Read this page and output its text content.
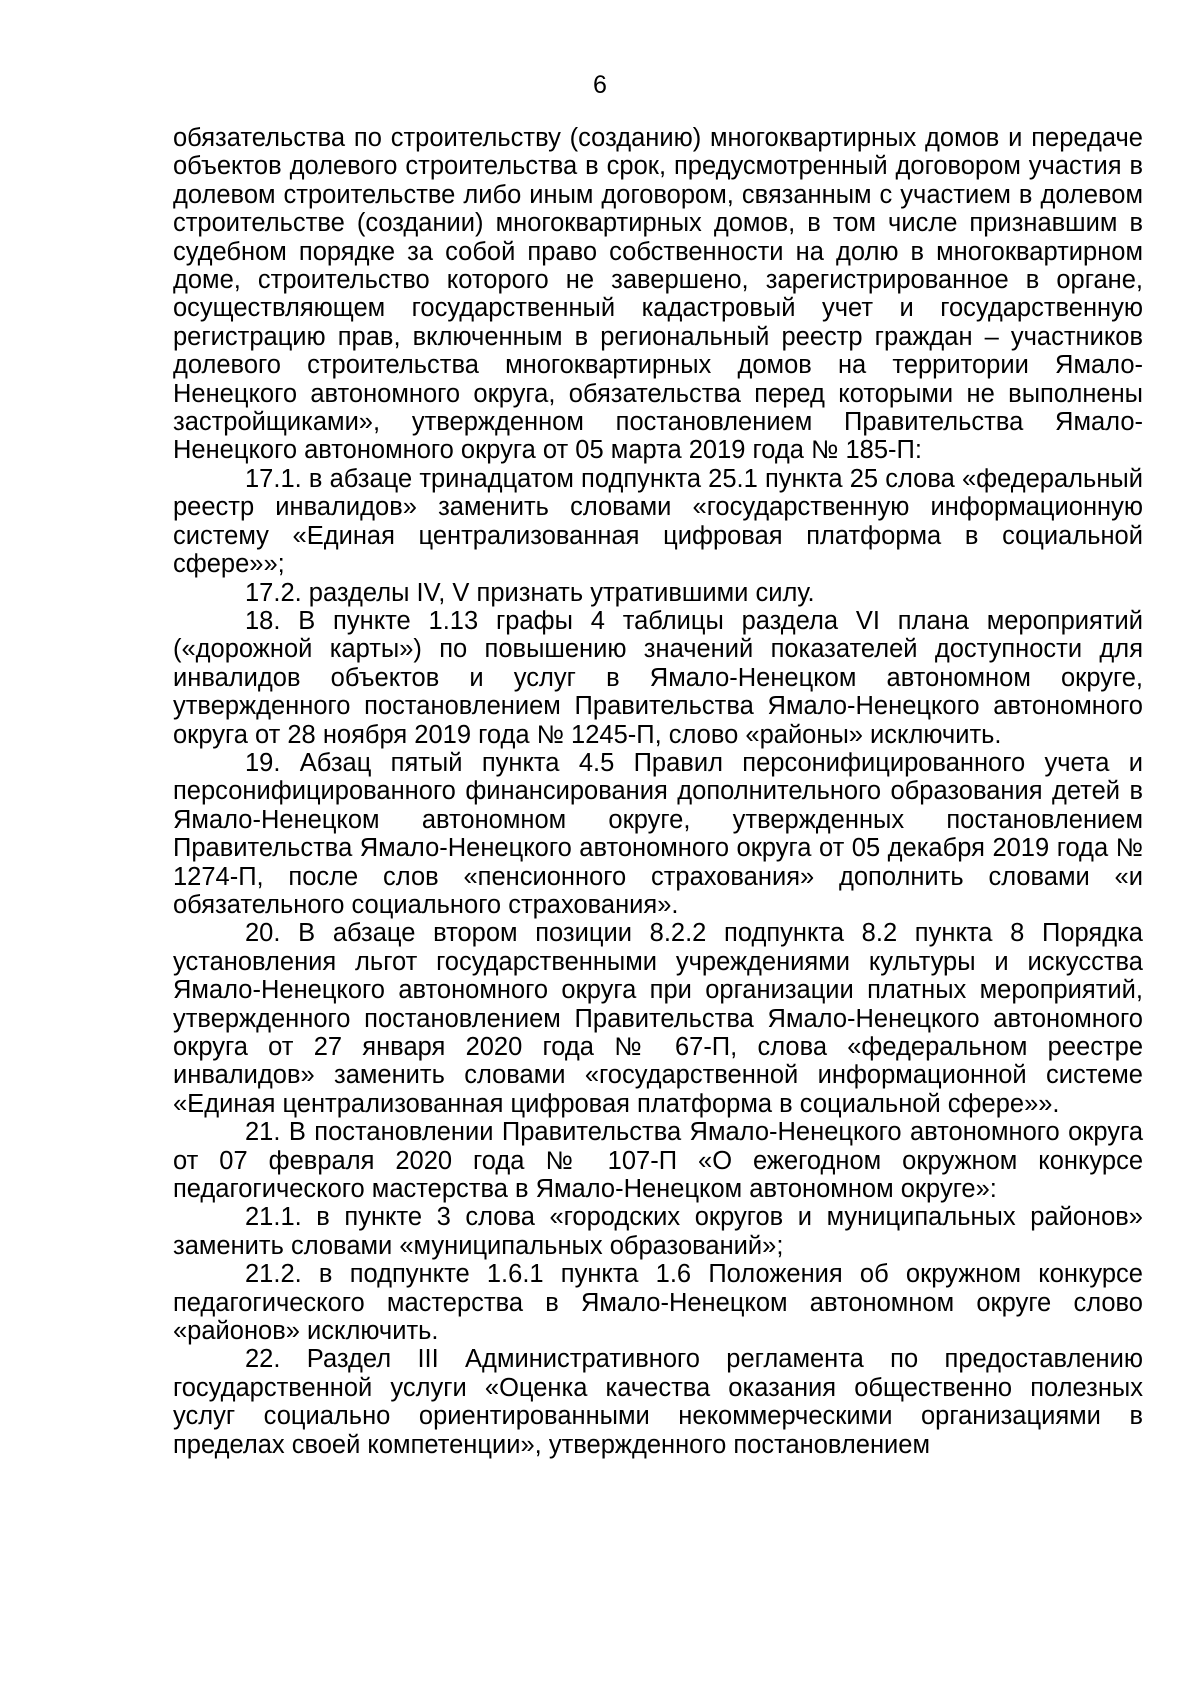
6

обязательства по строительству (созданию) многоквартирных домов и передаче объектов долевого строительства в срок, предусмотренный договором участия в долевом строительстве либо иным договором, связанным с участием в долевом строительстве (создании) многоквартирных домов, в том числе признавшим в судебном порядке за собой право собственности на долю в многоквартирном доме, строительство которого не завершено, зарегистрированное в органе, осуществляющем государственный кадастровый учет и государственную регистрацию прав, включенным в региональный реестр граждан – участников долевого строительства многоквартирных домов на территории Ямало-Ненецкого автономного округа, обязательства перед которыми не выполнены застройщиками», утвержденном постановлением Правительства Ямало-Ненецкого автономного округа от 05 марта 2019 года № 185-П:

17.1. в абзаце тринадцатом подпункта 25.1 пункта 25 слова «федеральный реестр инвалидов» заменить словами «государственную информационную систему «Единая централизованная цифровая платформа в социальной сфере»»;

17.2. разделы IV, V признать утратившими силу.

18. В пункте 1.13 графы 4 таблицы раздела VI плана мероприятий («дорожной карты») по повышению значений показателей доступности для инвалидов объектов и услуг в Ямало-Ненецком автономном округе, утвержденного постановлением Правительства Ямало-Ненецкого автономного округа от 28 ноября 2019 года № 1245-П, слово «районы» исключить.

19. Абзац пятый пункта 4.5 Правил персонифицированного учета и персонифицированного финансирования дополнительного образования детей в Ямало-Ненецком автономном округе, утвержденных постановлением Правительства Ямало-Ненецкого автономного округа от 05 декабря 2019 года № 1274-П, после слов «пенсионного страхования» дополнить словами «и обязательного социального страхования».

20. В абзаце втором позиции 8.2.2 подпункта 8.2 пункта 8 Порядка установления льгот государственными учреждениями культуры и искусства Ямало-Ненецкого автономного округа при организации платных мероприятий, утвержденного постановлением Правительства Ямало-Ненецкого автономного округа от 27 января 2020 года № 67-П, слова «федеральном реестре инвалидов» заменить словами «государственной информационной системе «Единая централизованная цифровая платформа в социальной сфере»».

21. В постановлении Правительства Ямало-Ненецкого автономного округа от 07 февраля 2020 года № 107-П «О ежегодном окружном конкурсе педагогического мастерства в Ямало-Ненецком автономном округе»:

21.1. в пункте 3 слова «городских округов и муниципальных районов» заменить словами «муниципальных образований»;

21.2. в подпункте 1.6.1 пункта 1.6 Положения об окружном конкурсе педагогического мастерства в Ямало-Ненецком автономном округе слово «районов» исключить.

22. Раздел III Административного регламента по предоставлению государственной услуги «Оценка качества оказания общественно полезных услуг социально ориентированными некоммерческими организациями в пределах своей компетенции», утвержденного постановлением
